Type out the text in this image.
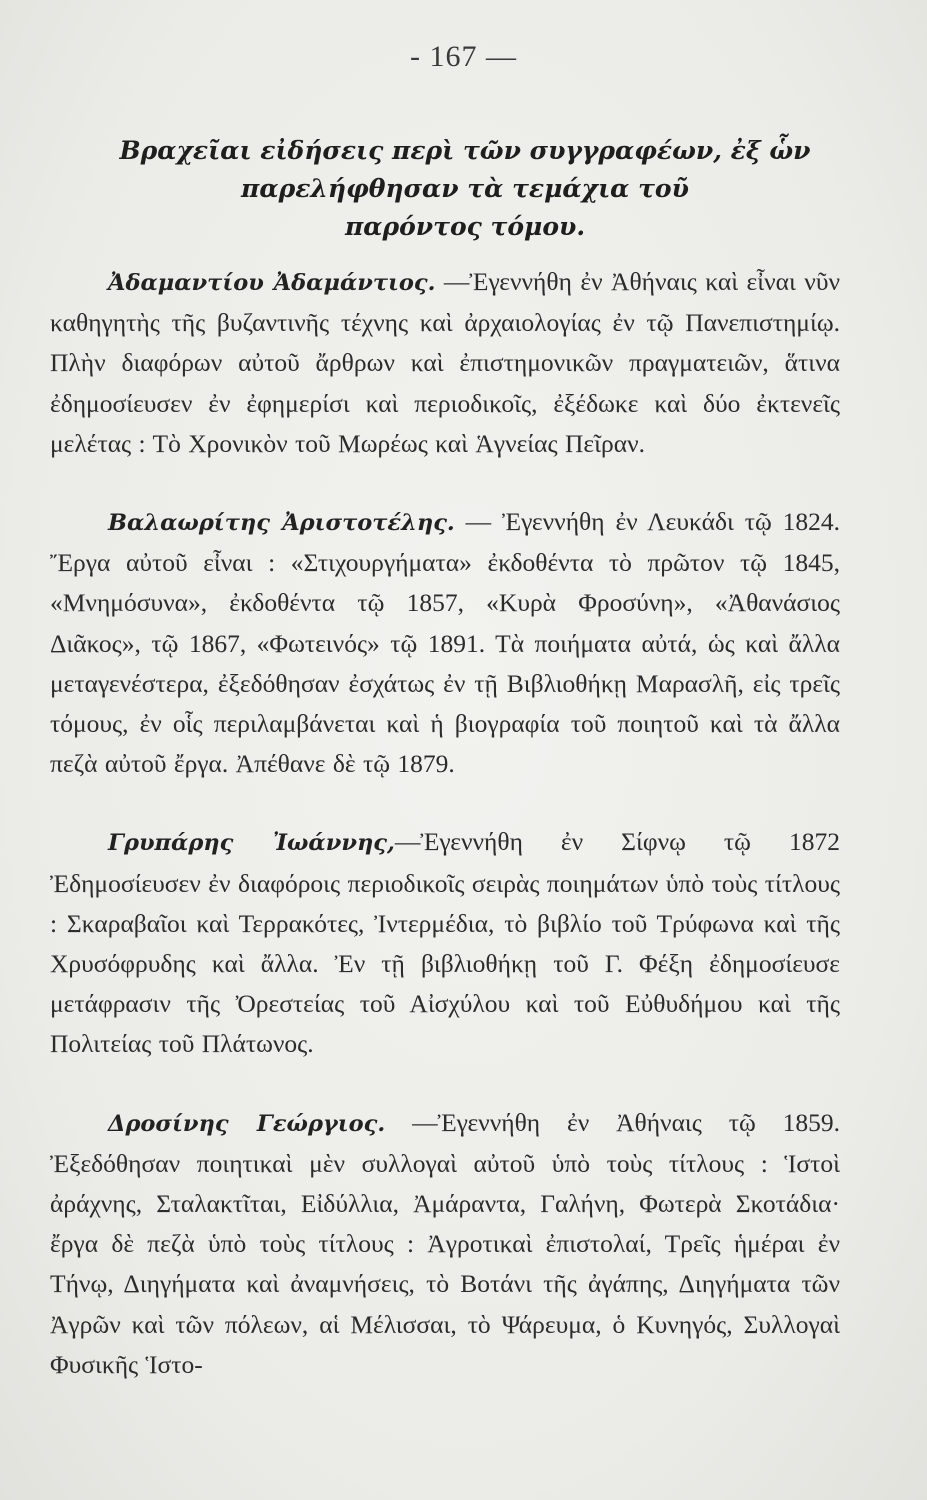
- 167 —
Βραχεῖαι εἰδήσεις περὶ τῶν συγγραφέων, ἐξ ὧν
παρελήφθησαν τὰ τεμάχια τοῦ
παρόντος τόμου.

Ἀδαμαντίου Ἀδαμάντιος. —Ἐγεννήθη ἐν Ἀθήναις καὶ εἶναι νῦν καθηγητὴς τῆς βυζαντινῆς τέχνης καὶ ἀρχαιολογίας ἐν τῷ Πανεπιστημίῳ. Πλὴν διαφόρων αὐτοῦ ἄρθρων καὶ ἐπιστημονικῶν πραγματειῶν, ἅτινα ἐδημοσίευσεν ἐν ἐφημερίσι καὶ περιοδικοῖς, ἐξέδωκε καὶ δύο ἐκτενεῖς μελέτας : Τὸ Χρονικὸν τοῦ Μωρέως καὶ Ἁγνείας Πεῖραν.

Βαλαωρίτης Ἀριστοτέλης. — Ἐγεννήθη ἐν Λευκάδι τῷ 1824. Ἔργα αὐτοῦ εἶναι : «Στιχουργήματα» ἐκδοθέντα τὸ πρῶτον τῷ 1845, «Μνημόσυνα», ἐκδοθέντα τῷ 1857, «Κυρὰ Φροσύνη», «Ἀθανάσιος Διᾶκος», τῷ 1867, «Φωτεινός» τῷ 1891. Τὰ ποιήματα αὐτά, ὡς καὶ ἄλλα μεταγενέστερα, ἐξεδόθησαν ἐσχάτως ἐν τῇ Βιβλιοθήκῃ Μαρασλῆ, εἰς τρεῖς τόμους, ἐν οἷς περιλαμβάνεται καὶ ἡ βιογραφία τοῦ ποιητοῦ καὶ τὰ ἄλλα πεζὰ αὐτοῦ ἔργα. Ἀπέθανε δὲ τῷ 1879.

Γρυπάρης Ἰωάννης,—Ἐγεννήθη ἐν Σίφνῳ τῷ 1872 Ἐδημοσίευσεν ἐν διαφόροις περιοδικοῖς σειρὰς ποιημάτων ὑπὸ τοὺς τίτλους : Σκαραβαῖοι καὶ Τερρακότες, Ἰντερμέδια, τὸ βιβλίο τοῦ Τρύφωνα καὶ τῆς Χρυσόφρυδης καὶ ἄλλα. Ἐν τῇ βιβλιοθήκῃ τοῦ Γ. Φέξη ἐδημοσίευσε μετάφρασιν τῆς Ὀρεστείας τοῦ Αἰσχύλου καὶ τοῦ Εὐθυδήμου καὶ τῆς Πολιτείας τοῦ Πλάτωνος.

Δροσίνης Γεώργιος. —Ἐγεννήθη ἐν Ἀθήναις τῷ 1859. Ἐξεδόθησαν ποιητικαὶ μὲν συλλογαὶ αὐτοῦ ὑπὸ τοὺς τίτλους : Ἱστοὶ ἀράχνης, Σταλακτῖται, Εἰδύλλια, Ἀμάραντα, Γαλήνη, Φωτερὰ Σκοτάδια· ἔργα δὲ πεζὰ ὑπὸ τοὺς τίτλους : Ἀγροτικαὶ ἐπιστολαί, Τρεῖς ἡμέραι ἐν Τήνῳ, Διηγήματα καὶ ἀναμνήσεις, τὸ Βοτάνι τῆς ἀγάπης, Διηγήματα τῶν Ἀγρῶν καὶ τῶν πόλεων, αἱ Μέλισσαι, τὸ Ψάρευμα, ὁ Κυνηγός, Συλλογαὶ Φυσικῆς Ἱστο-
